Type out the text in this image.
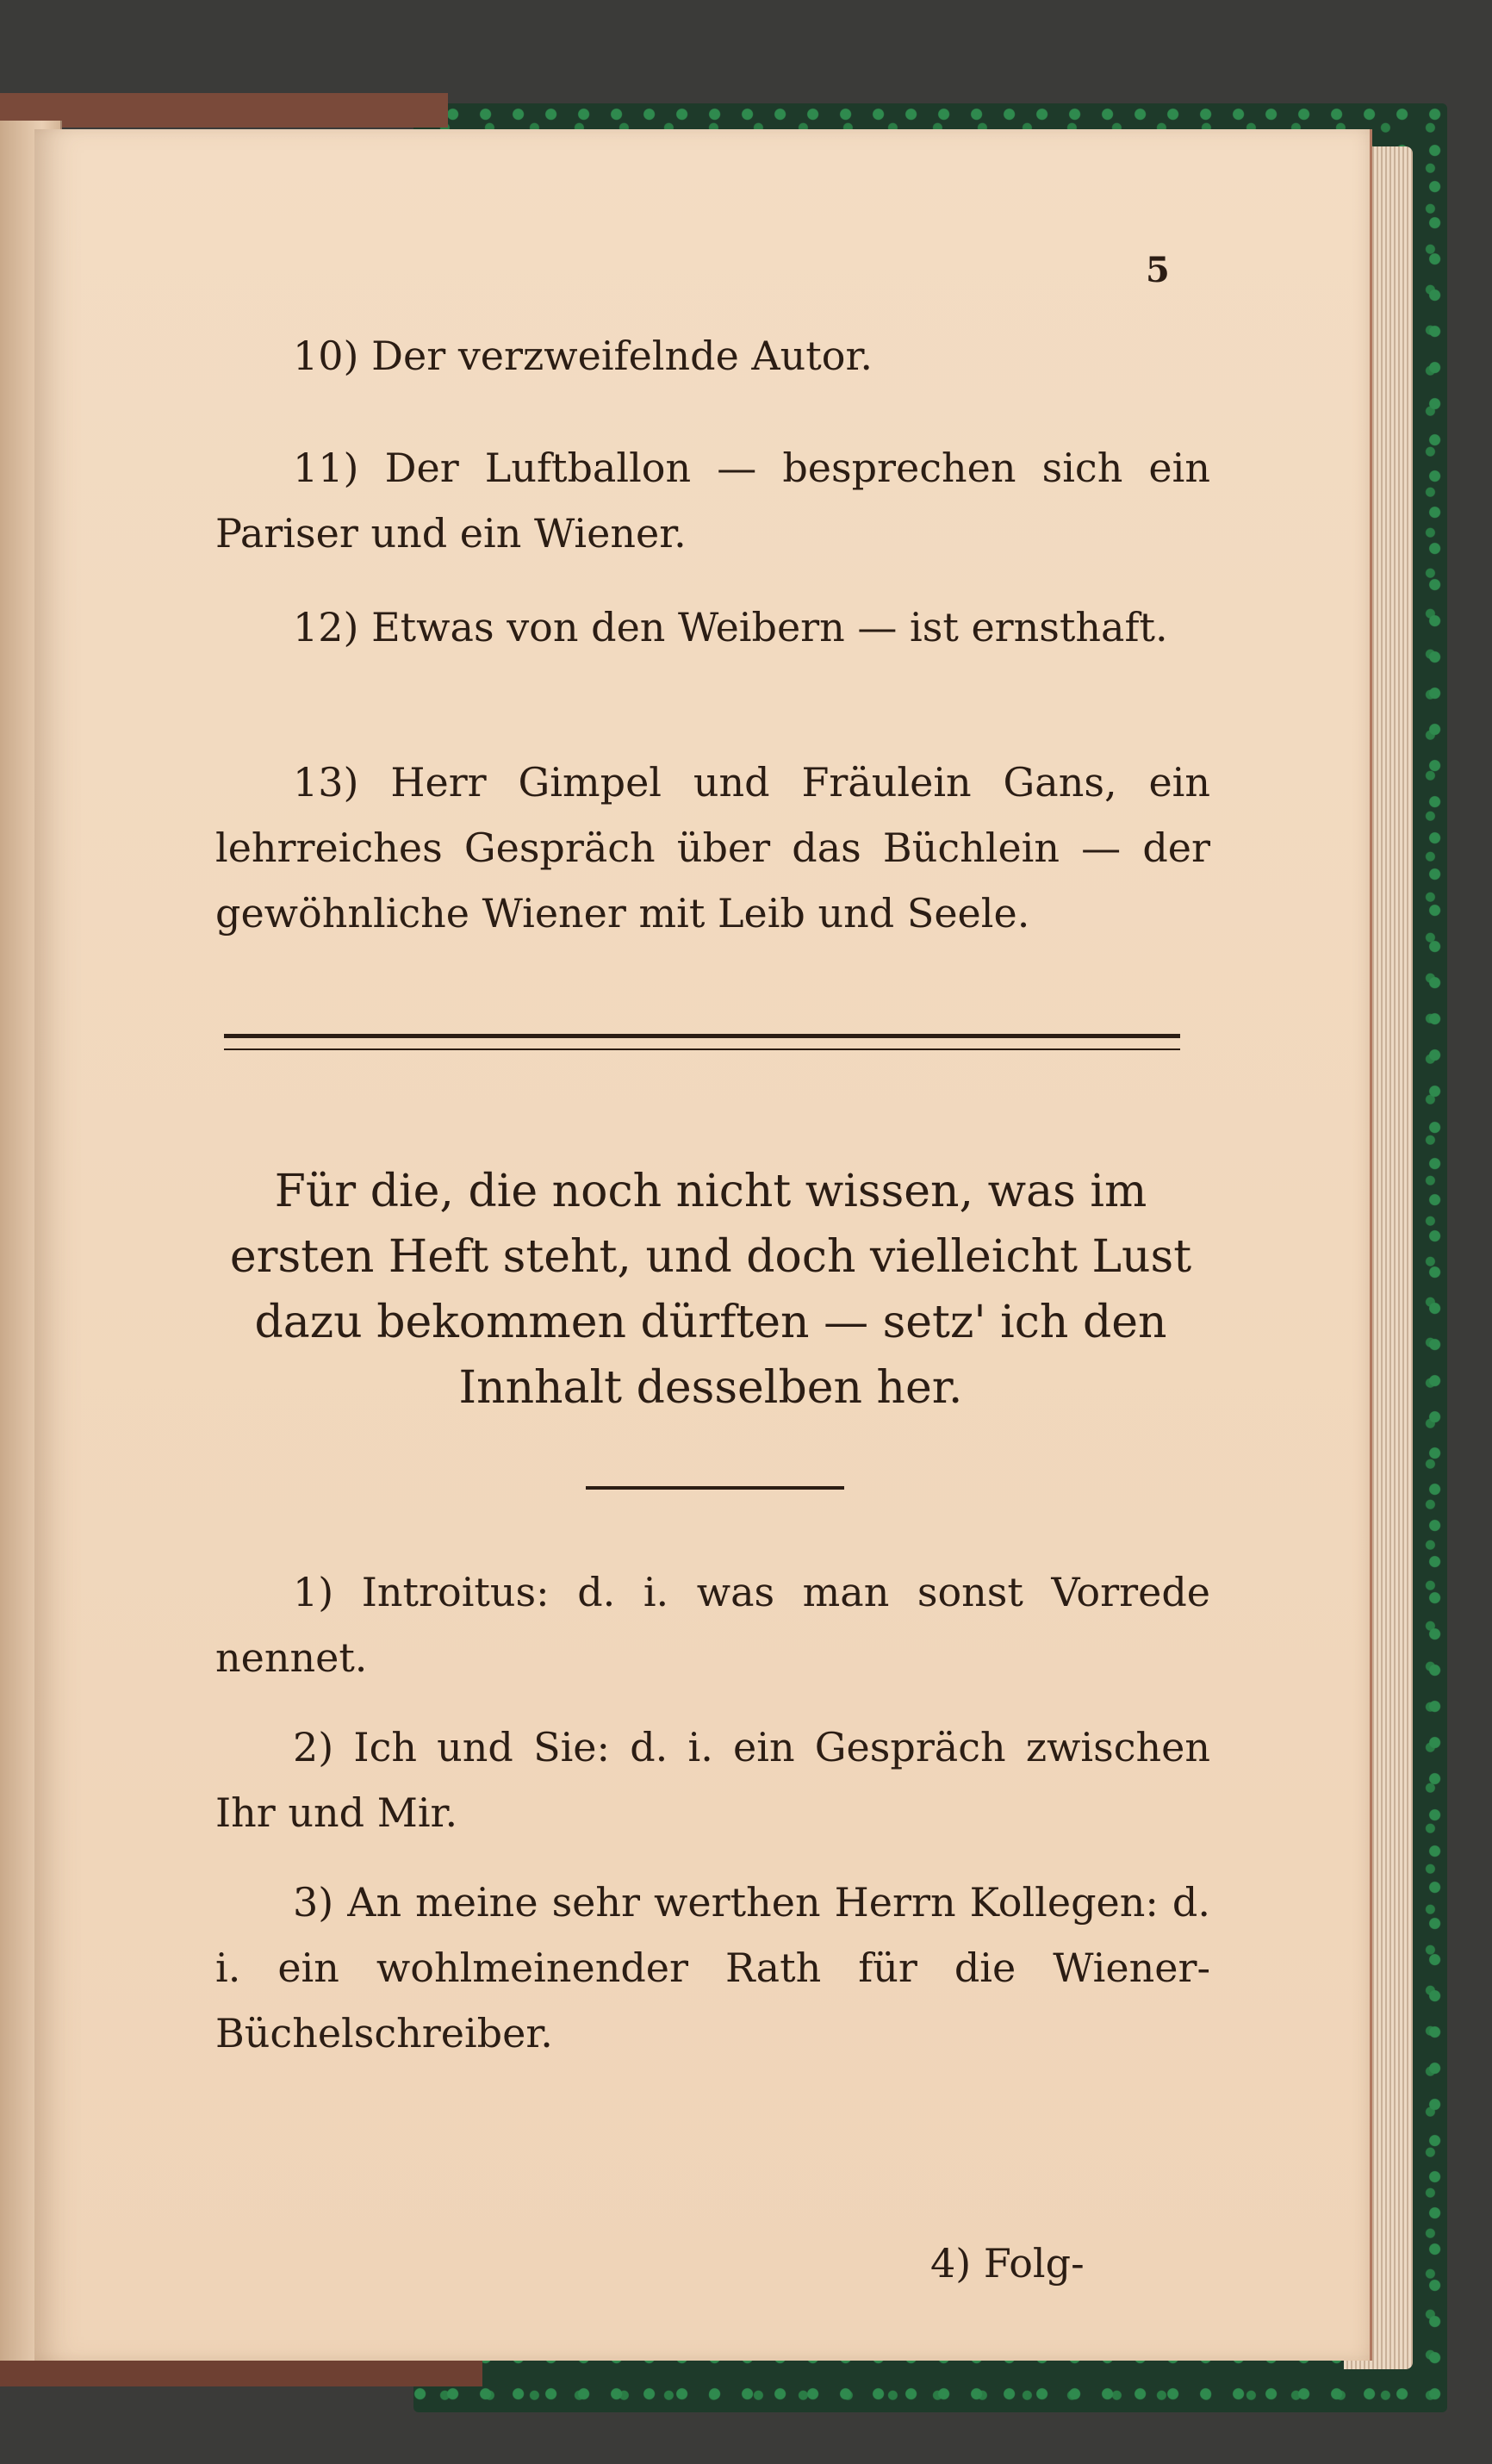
5

10) Der verzweifelnde Autor.

11) Der Luftballon — besprechen sich ein Pariser und ein Wiener.

12) Etwas von den Weibern — ist ernsthaft.

13) Herr Gimpel und Fräulein Gans, ein lehrreiches Gespräch über das Büchlein — der gewöhnliche Wiener mit Leib und Seele.

Für die, die noch nicht wissen, was im ersten Heft steht, und doch vielleicht Lust dazu bekommen dürften — setz' ich den Innhalt desselben her.

1) Introitus: d. i. was man sonst Vorrede nennet.

2) Ich und Sie: d. i. ein Gespräch zwischen Ihr und Mir.

3) An meine sehr werthen Herrn Kollegen: d. i. ein wohlmeinender Rath für die Wiener-Büchelschreiber.

4) Folg-
